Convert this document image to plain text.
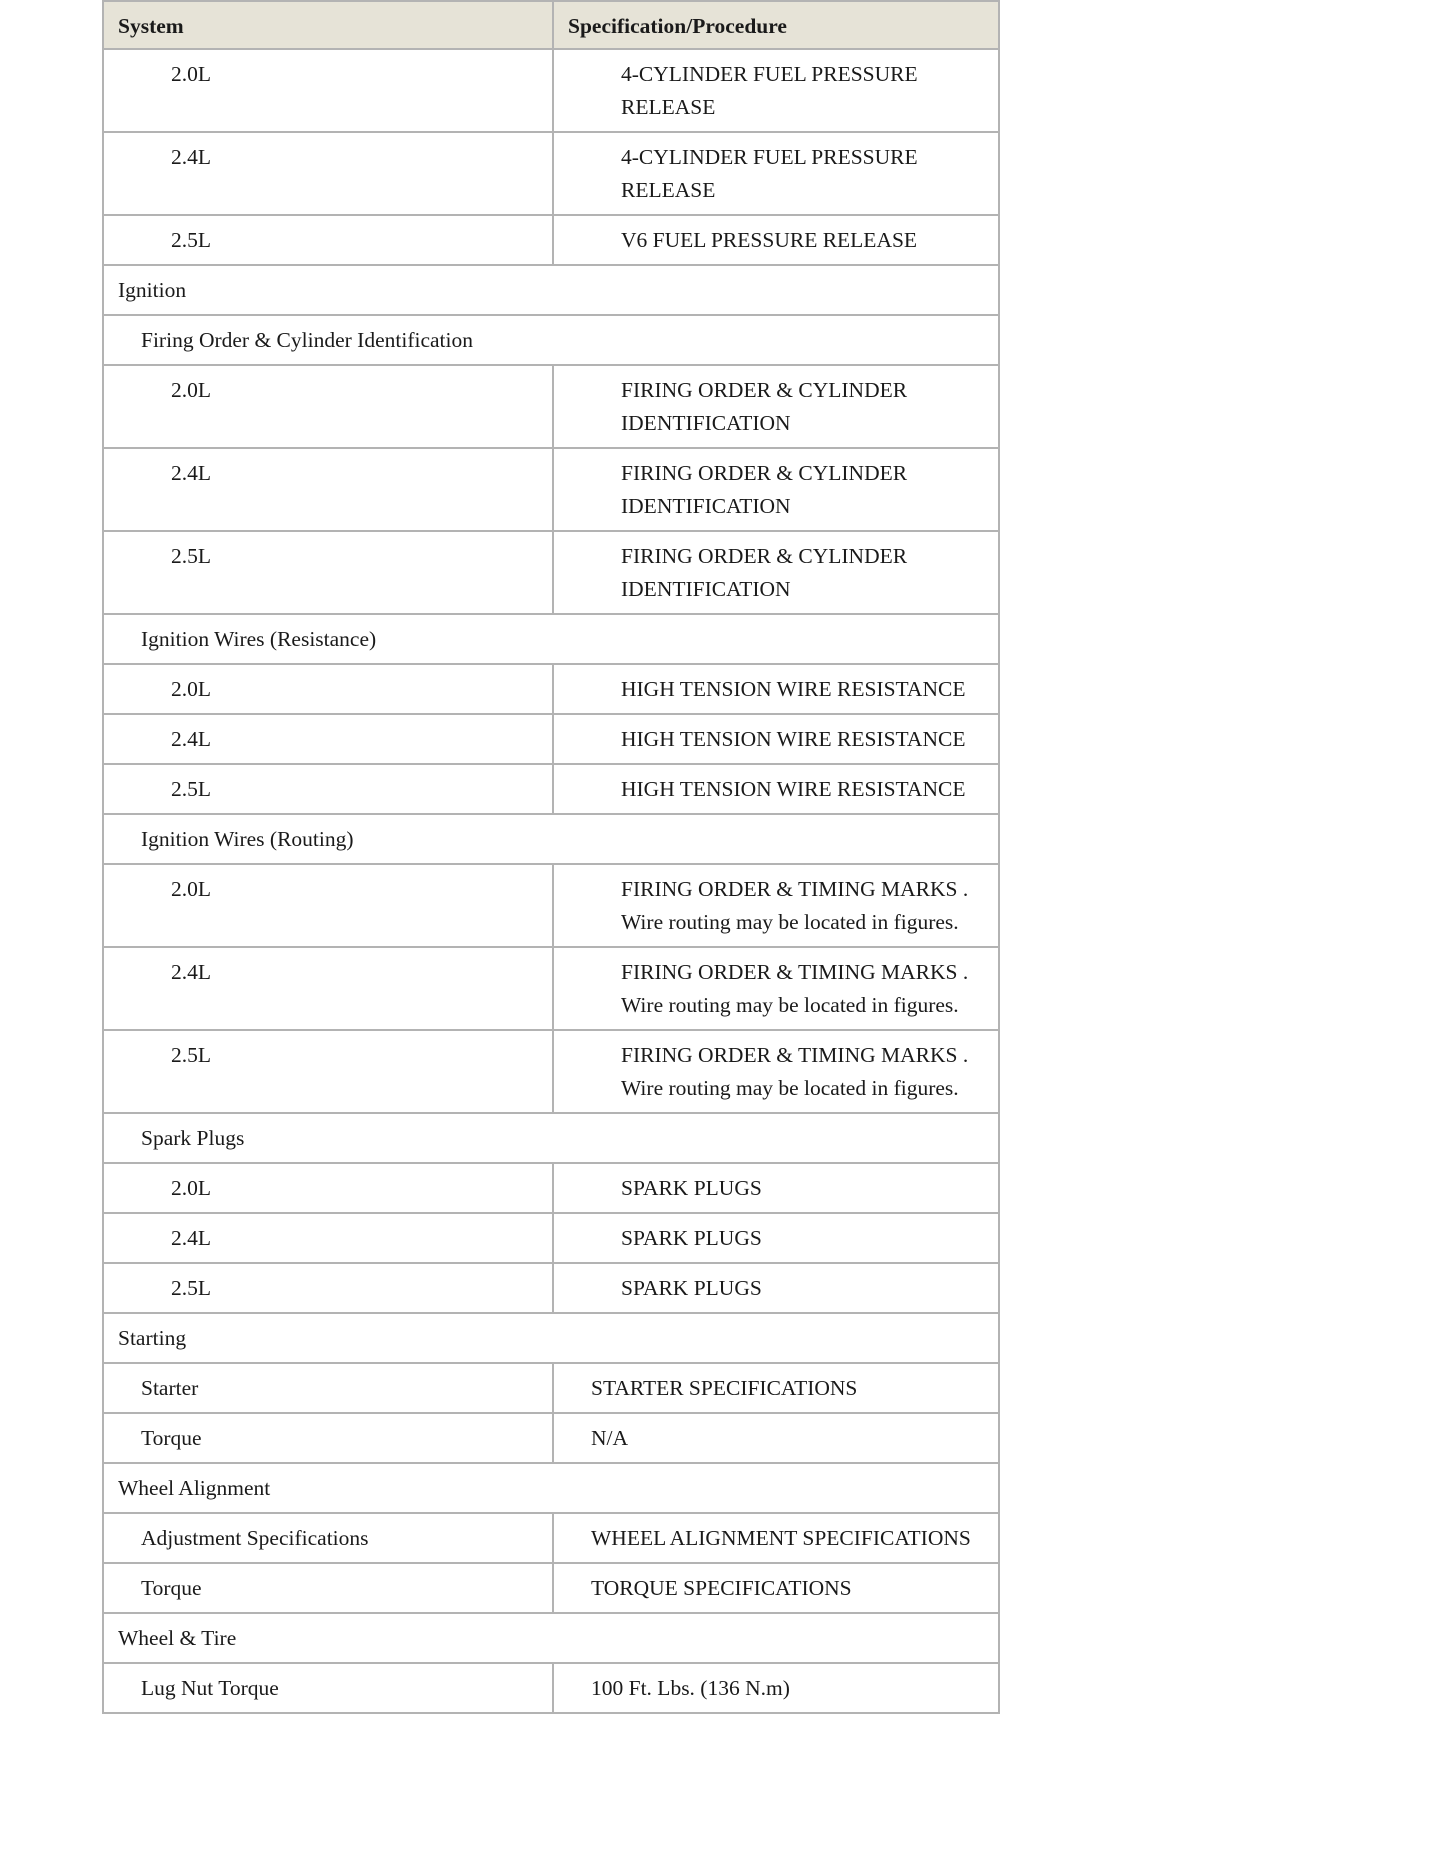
System	Specification/Procedure
2.0L	4-CYLINDER FUEL PRESSURE RELEASE
2.4L	4-CYLINDER FUEL PRESSURE RELEASE
2.5L	V6 FUEL PRESSURE RELEASE
Ignition	
Firing Order & Cylinder Identification	
2.0L	FIRING ORDER & CYLINDER IDENTIFICATION
2.4L	FIRING ORDER & CYLINDER IDENTIFICATION
2.5L	FIRING ORDER & CYLINDER IDENTIFICATION
Ignition Wires (Resistance)	
2.0L	HIGH TENSION WIRE RESISTANCE
2.4L	HIGH TENSION WIRE RESISTANCE
2.5L	HIGH TENSION WIRE RESISTANCE
Ignition Wires (Routing)	
2.0L	FIRING ORDER & TIMING MARKS . Wire routing may be located in figures.
2.4L	FIRING ORDER & TIMING MARKS . Wire routing may be located in figures.
2.5L	FIRING ORDER & TIMING MARKS . Wire routing may be located in figures.
Spark Plugs	
2.0L	SPARK PLUGS
2.4L	SPARK PLUGS
2.5L	SPARK PLUGS
Starting	
Starter	STARTER SPECIFICATIONS
Torque	N/A
Wheel Alignment	
Adjustment Specifications	WHEEL ALIGNMENT SPECIFICATIONS
Torque	TORQUE SPECIFICATIONS
Wheel & Tire	
Lug Nut Torque	100 Ft. Lbs. (136 N.m)
